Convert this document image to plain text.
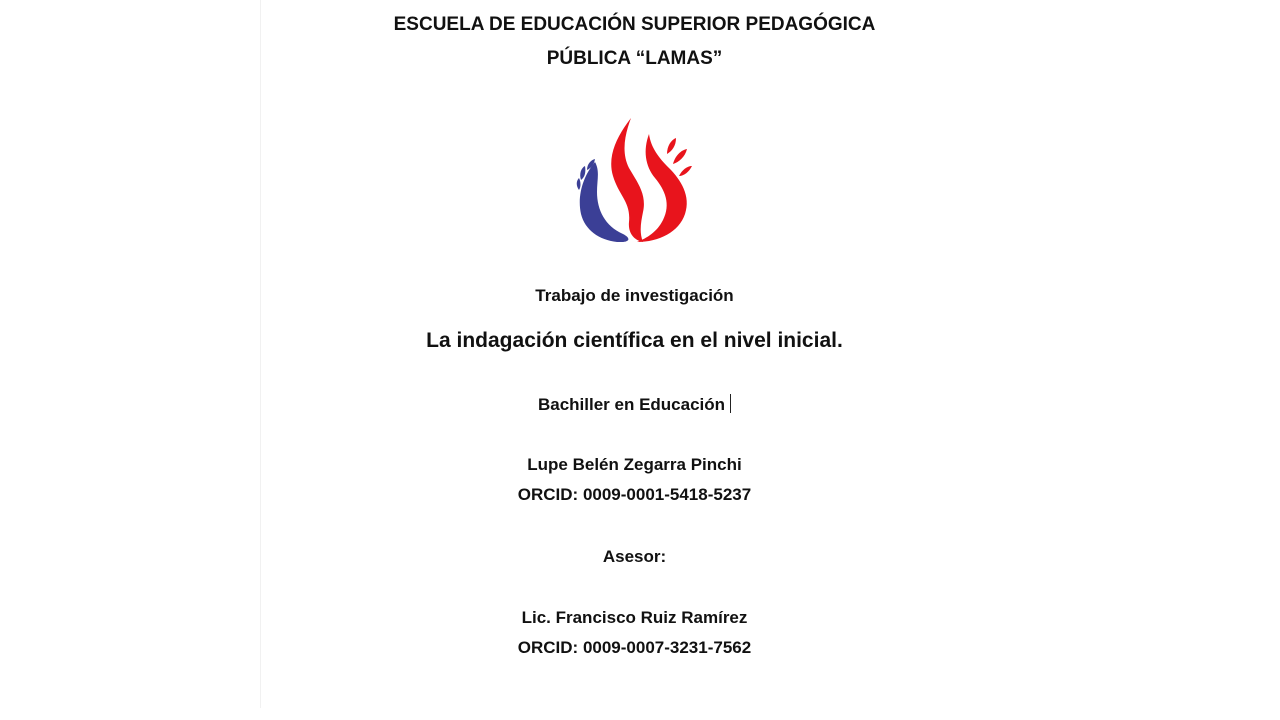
ESCUELA DE EDUCACIÓN SUPERIOR PEDAGÓGICA
PÚBLICA “LAMAS”
Trabajo de investigación
La indagación científica en el nivel inicial.
Bachiller en Educación
Lupe Belén Zegarra Pinchi
ORCID: 0009-0001-5418-5237
Asesor:
Lic. Francisco Ruiz Ramírez
ORCID: 0009-0007-3231-7562
